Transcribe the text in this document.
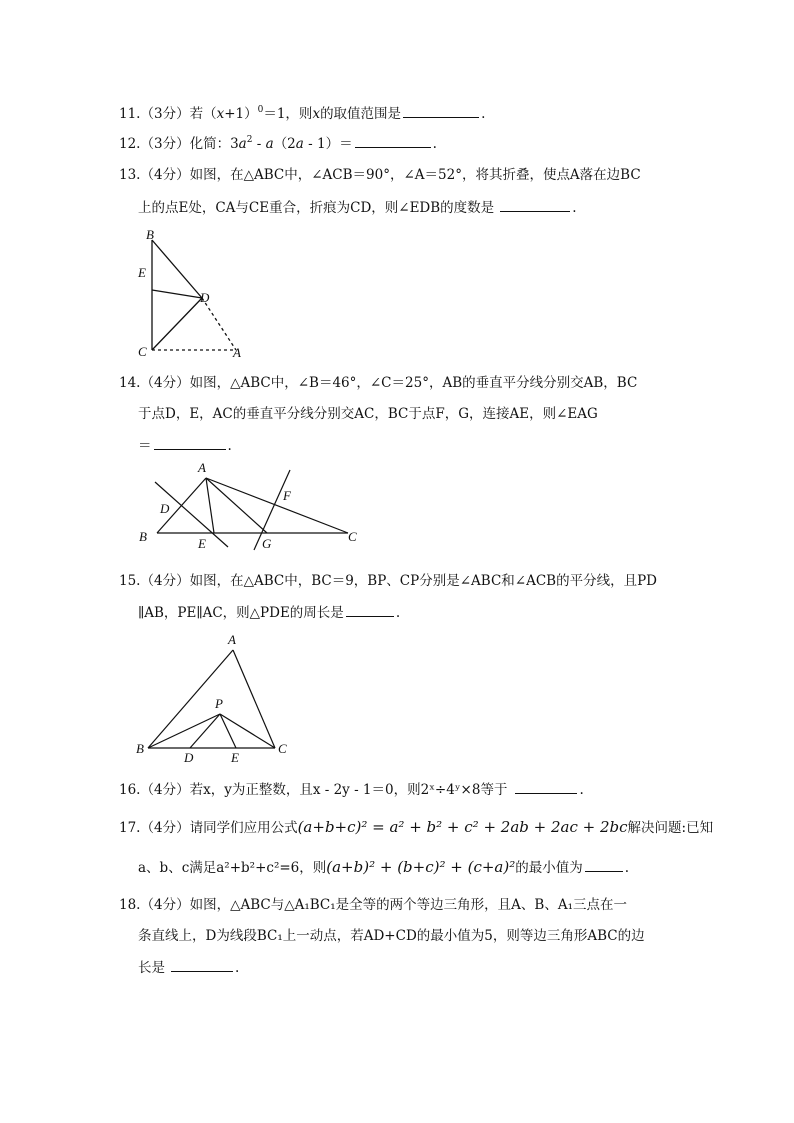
11.（3分）若$(x+1)^0=1$，则x的取值范围是	.
12.（3分）化简：$3a^2 - a(2a - 1)=$	.
13.（4分）如图，在△ABC中，∠ACB＝90°，∠A＝52°，将其折叠，使点A落在边BC
上的点E处，CA与CE重合，折痕为CD，则∠EDB的度数是	.
B
E
D
C	A
14.（4分）如图，△ABC中，∠B＝46°，∠C＝25°，AB的垂直平分线分别交AB，BC
于点D，E，AC的垂直平分线分别交AC，BC于点F，G，连接AE，则∠EAG
＝	.
A
D
F
B	E	G	C
15.（4分）如图，在△ABC中，BC＝9，BP、CP分别是∠ABC和∠ACB的平分线，且PD
∥AB，PE∥AC，则△PDE的周长是	.
A
P
B
D	E
C
16.（4分）若x，y为正整数，且x - 2y - 1＝0，则2ˣ÷4ʸ×8等于	.
17.（4分）请同学们应用公式(a+b+c)² = a² + b² + c² + 2ab + 2ac + 2bc解决问题:已知
a、b、c满足a²+b²+c²=6，则(a+b)² + (b+c)² + (c+a)²的最小值为	.
18.（4分）如图，△ABC与△A₁BC₁是全等的两个等边三角形，且A、B、A₁三点在一
条直线上，D为线段BC₁上一动点，若AD+CD的最小值为5，则等边三角形ABC的边
长是	.
